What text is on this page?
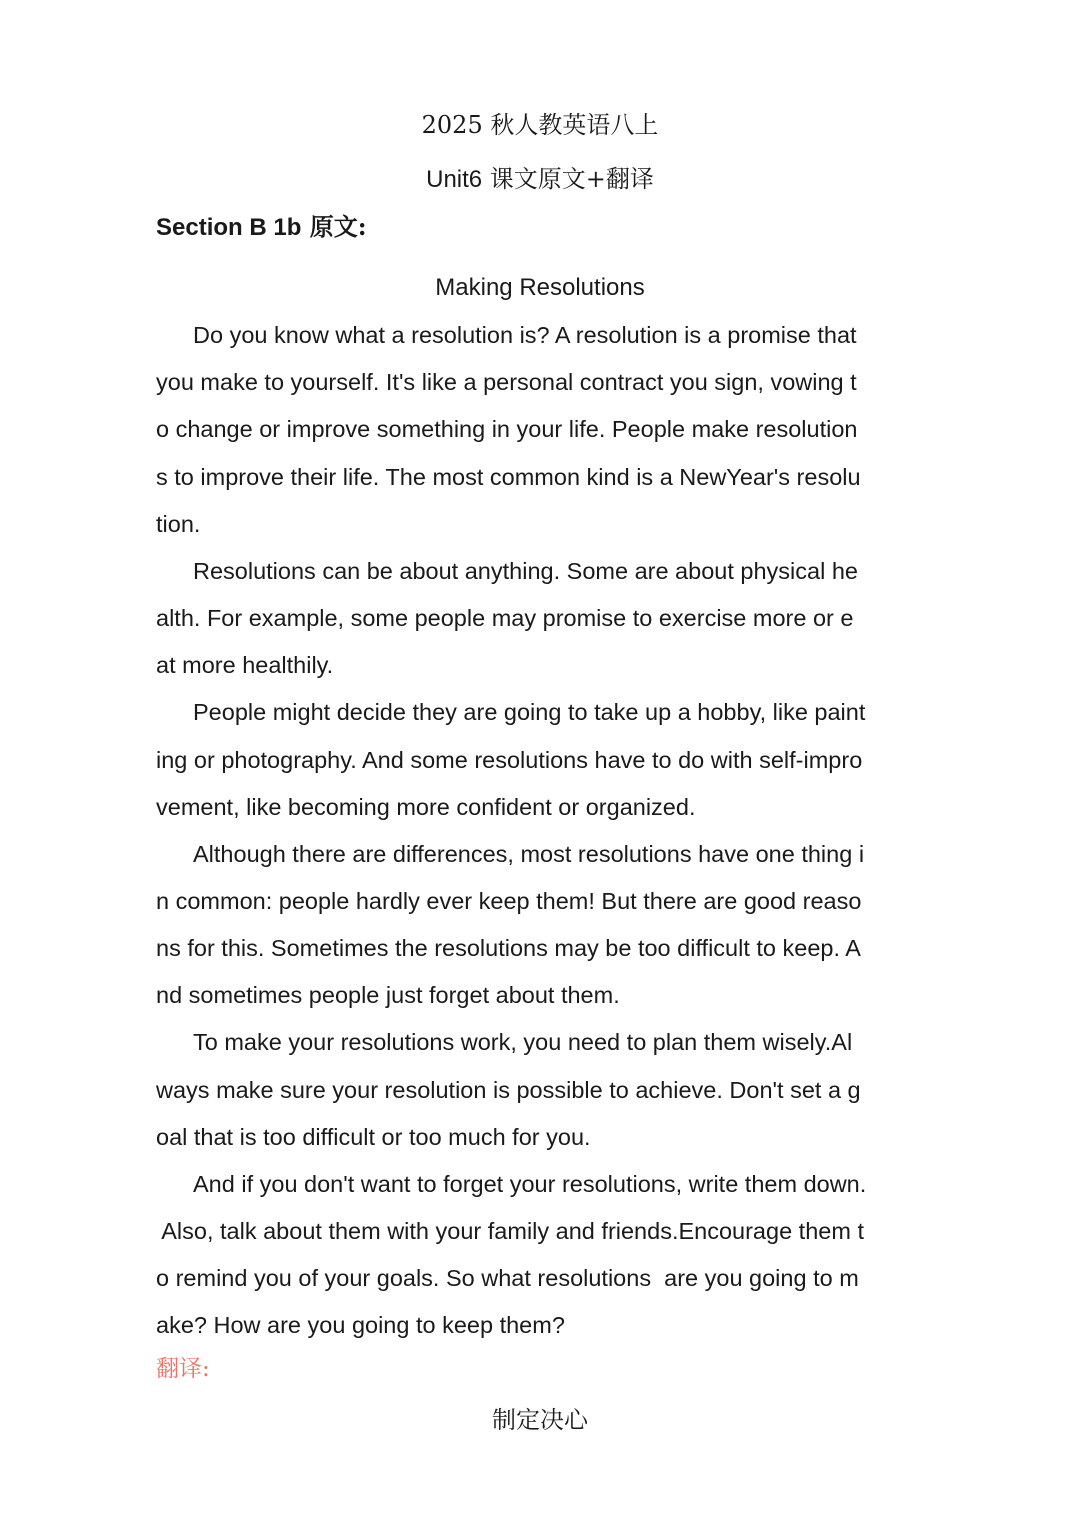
2025 秋人教英语八上
Unit6 课文原文+翻译
Section B 1b 原文:
Making Resolutions
Do you know what a resolution is? A resolution is a promise that
you make to yourself. It's like a personal contract you sign, vowing t
o change or improve something in your life. People make resolution
s to improve their life. The most common kind is a NewYear's resolu
tion.
Resolutions can be about anything. Some are about physical he
alth. For example, some people may promise to exercise more or e
at more healthily.
People might decide they are going to take up a hobby, like paint
ing or photography. And some resolutions have to do with self-impro
vement, like becoming more confident or organized.
Although there are differences, most resolutions have one thing i
n common: people hardly ever keep them! But there are good reaso
ns for this. Sometimes the resolutions may be too difficult to keep. A
nd sometimes people just forget about them.
To make your resolutions work, you need to plan them wisely.Al
ways make sure your resolution is possible to achieve. Don't set a g
oal that is too difficult or too much for you.
And if you don't want to forget your resolutions, write them down.
Also, talk about them with your family and friends.Encourage them t
o remind you of your goals. So what resolutions  are you going to m
ake? How are you going to keep them?
翻译:
制定决心
